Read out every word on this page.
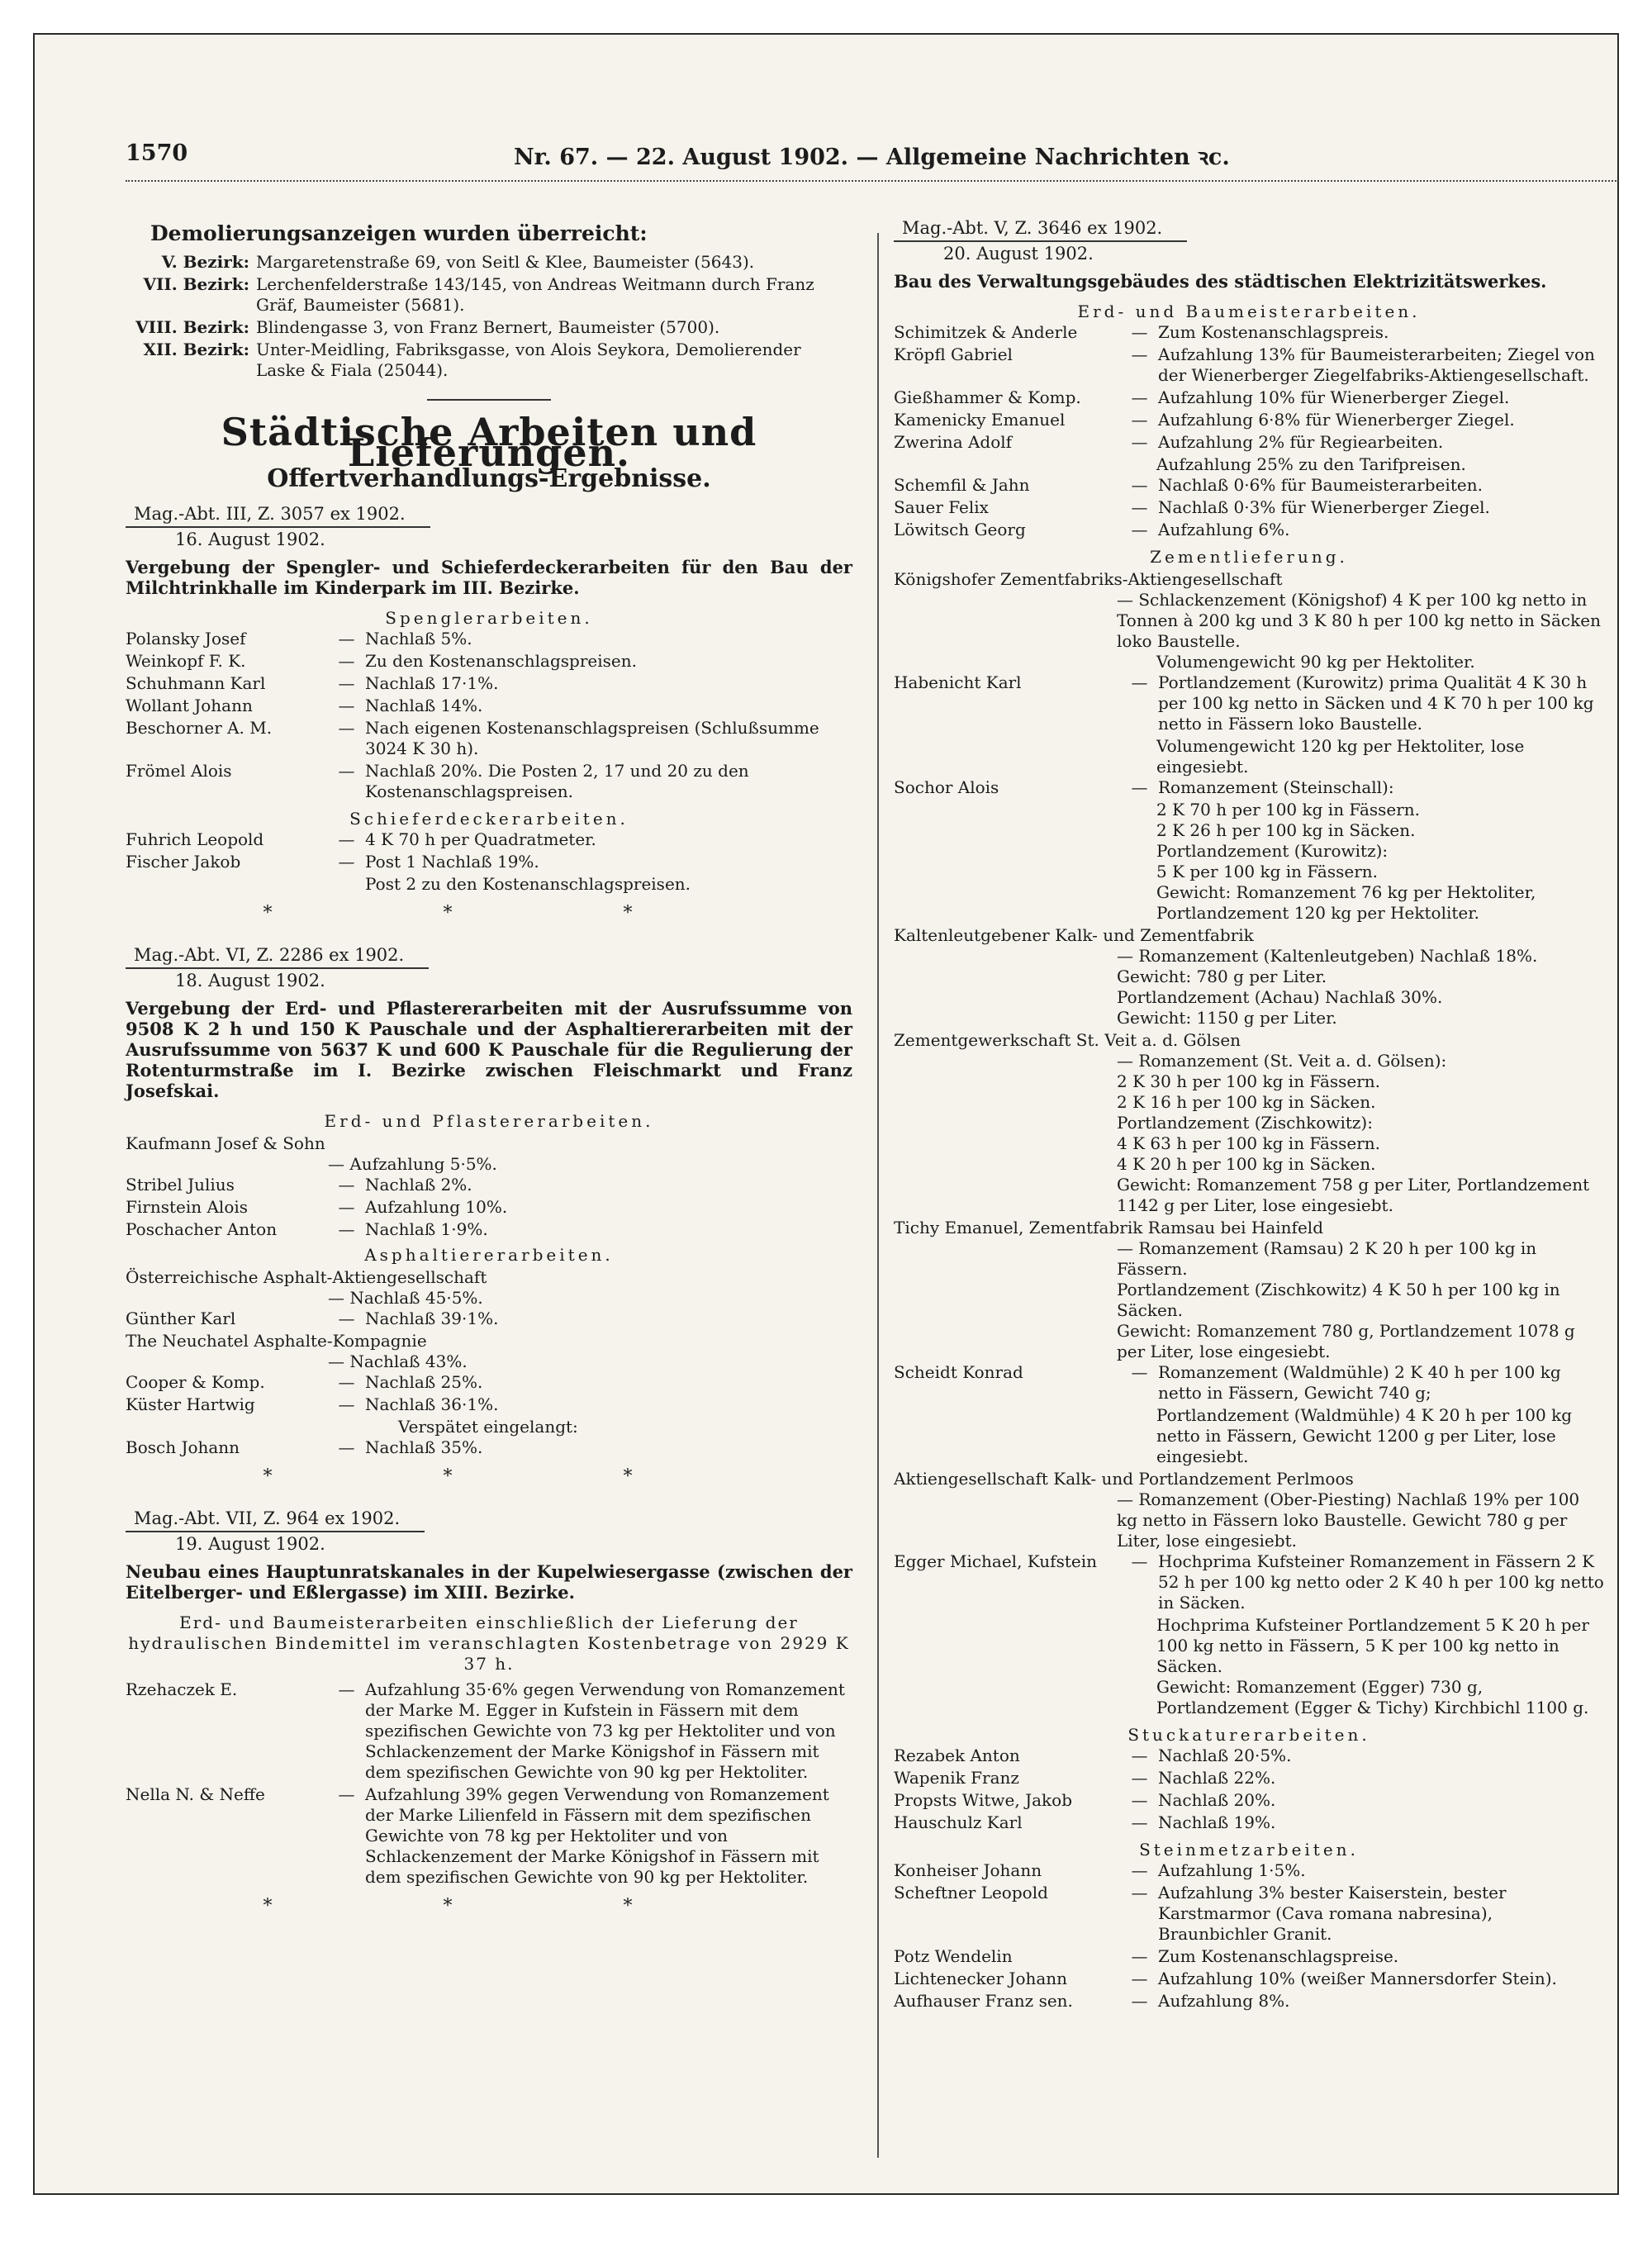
1570	Nr. 67. — 22. August 1902. — Allgemeine Nachrichten ꝛc.
Demolierungsanzeigen wurden überreicht:
V. Bezirk: Margaretenstraße 69, von Seitl & Klee, Baumeister (5643).
VII. Bezirk: Lerchenfelderstraße 143/145, von Andreas Weitmann durch Franz Gräf, Baumeister (5681).
VIII. Bezirk: Blindengasse 3, von Franz Bernert, Baumeister (5700).
XII. Bezirk: Unter-Meidling, Fabriksgasse, von Alois Seykora, Demolierender Laske & Fiala (25044).
Städtische Arbeiten und Lieferungen.
Offertverhandlungs-Ergebnisse.
Mag.-Abt. III, Z. 3057 ex 1902.
16. August 1902.
Vergebung der Spengler- und Schieferdeckerarbeiten für den Bau der Milchtrinkhalle im Kinderpark im III. Bezirke.
Spenglerarbeiten.
Polansky Josef	— Nachlaß 5%.
Weinkopf F. K.	— Zu den Kostenanschlagspreisen.
Schuhmann Karl	— Nachlaß 17·1%.
Wollant Johann	— Nachlaß 14%.
Beschorner A. M.	— Nach eigenen Kostenanschlagspreisen (Schlußsumme 3024 K 30 h).
Frömel Alois	— Nachlaß 20%. Die Posten 2, 17 und 20 zu den Kostenanschlagspreisen.
Schieferdeckerarbeiten.
Fuhrich Leopold	— 4 K 70 h per Quadratmeter.
Fischer Jakob	— Post 1 Nachlaß 19%.
Post 2 zu den Kostenanschlagspreisen.
* * *
Mag.-Abt. VI, Z. 2286 ex 1902.
18. August 1902.
Vergebung der Erd- und Pflastererarbeiten mit der Ausrufssumme von 9508 K 2 h und 150 K Pauschale und der Asphaltiererarbeiten mit der Ausrufssumme von 5637 K und 600 K Pauschale für die Regulierung der Rotenturmstraße im I. Bezirke zwischen Fleischmarkt und Franz Josefskai.
Erd- und Pflastererarbeiten.
Kaufmann Josef & Sohn
— Aufzahlung 5·5%.
Stribel Julius	— Nachlaß 2%.
Firnstein Alois	— Aufzahlung 10%.
Poschacher Anton	— Nachlaß 1·9%.
Asphaltiererarbeiten.
Österreichische Asphalt-Aktiengesellschaft
— Nachlaß 45·5%.
Günther Karl	— Nachlaß 39·1%.
The Neuchatel Asphalte-Kompagnie
— Nachlaß 43%.
Cooper & Komp.	— Nachlaß 25%.
Küster Hartwig	— Nachlaß 36·1%.
Verspätet eingelangt:
Bosch Johann	— Nachlaß 35%.
* * *
Mag.-Abt. VII, Z. 964 ex 1902.
19. August 1902.
Neubau eines Hauptunratskanales in der Kupelwiesergasse (zwischen der Eitelberger- und Eßlergasse) im XIII. Bezirke.
Erd- und Baumeisterarbeiten einschließlich der Lieferung der hydraulischen Bindemittel im veranschlagten Kostenbetrage von 2929 K 37 h.
Rzehaczek E.	— Aufzahlung 35·6% gegen Verwendung von Romanzement der Marke M. Egger in Kufstein in Fässern mit dem spezifischen Gewichte von 73 kg per Hektoliter und von Schlackenzement der Marke Königshof in Fässern mit dem spezifischen Gewichte von 90 kg per Hektoliter.
Nella N. & Neffe	— Aufzahlung 39% gegen Verwendung von Romanzement der Marke Lilienfeld in Fässern mit dem spezifischen Gewichte von 78 kg per Hektoliter und von Schlackenzement der Marke Königshof in Fässern mit dem spezifischen Gewichte von 90 kg per Hektoliter.
* * *
Mag.-Abt. V, Z. 3646 ex 1902.
20. August 1902.
Bau des Verwaltungsgebäudes des städtischen Elektrizitätswerkes.
Erd- und Baumeisterarbeiten.
Schimitzek & Anderle	— Zum Kostenanschlagspreis.
Kröpfl Gabriel	— Aufzahlung 13% für Baumeisterarbeiten; Ziegel von der Wienerberger Ziegelfabriks-Aktiengesellschaft.
Gießhammer & Komp.	— Aufzahlung 10% für Wienerberger Ziegel.
Kamenicky Emanuel	— Aufzahlung 6·8% für Wienerberger Ziegel.
Zwerina Adolf	— Aufzahlung 2% für Regiearbeiten.
Aufzahlung 25% zu den Tarifpreisen.
Schemfil & Jahn	— Nachlaß 0·6% für Baumeisterarbeiten.
Sauer Felix	— Nachlaß 0·3% für Wienerberger Ziegel.
Löwitsch Georg	— Aufzahlung 6%.
Zementlieferung.
Königshofer Zementfabriks-Aktiengesellschaft
— Schlackenzement (Königshof) 4 K per 100 kg netto in Tonnen à 200 kg und 3 K 80 h per 100 kg netto in Säcken loko Baustelle.
Volumengewicht 90 kg per Hektoliter.
Habenicht Karl	— Portlandzement (Kurowitz) prima Qualität 4 K 30 h per 100 kg netto in Säcken und 4 K 70 h per 100 kg netto in Fässern loko Baustelle.
Volumengewicht 120 kg per Hektoliter, lose eingesiebt.
Sochor Alois	— Romanzement (Steinschall):
2 K 70 h per 100 kg in Fässern.
2 K 26 h per 100 kg in Säcken.
Portlandzement (Kurowitz):
5 K per 100 kg in Fässern.
Gewicht: Romanzement 76 kg per Hektoliter, Portlandzement 120 kg per Hektoliter.
Kaltenleutgebener Kalk- und Zementfabrik
— Romanzement (Kaltenleutgeben) Nachlaß 18%.
Gewicht: 780 g per Liter.
Portlandzement (Achau) Nachlaß 30%.
Gewicht: 1150 g per Liter.
Zementgewerkschaft St. Veit a. d. Gölsen
— Romanzement (St. Veit a. d. Gölsen):
2 K 30 h per 100 kg in Fässern.
2 K 16 h per 100 kg in Säcken.
Portlandzement (Zischkowitz):
4 K 63 h per 100 kg in Fässern.
4 K 20 h per 100 kg in Säcken.
Gewicht: Romanzement 758 g per Liter, Portlandzement 1142 g per Liter, lose eingesiebt.
Tichy Emanuel, Zementfabrik Ramsau bei Hainfeld
— Romanzement (Ramsau) 2 K 20 h per 100 kg in Fässern.
Portlandzement (Zischkowitz) 4 K 50 h per 100 kg in Säcken.
Gewicht: Romanzement 780 g, Portlandzement 1078 g per Liter, lose eingesiebt.
Scheidt Konrad	— Romanzement (Waldmühle) 2 K 40 h per 100 kg netto in Fässern, Gewicht 740 g;
Portlandzement (Waldmühle) 4 K 20 h per 100 kg netto in Fässern, Gewicht 1200 g per Liter, lose eingesiebt.
Aktiengesellschaft Kalk- und Portlandzement Perlmoos
— Romanzement (Ober-Piesting) Nachlaß 19% per 100 kg netto in Fässern loko Baustelle. Gewicht 780 g per Liter, lose eingesiebt.
Egger Michael, Kufstein	— Hochprima Kufsteiner Romanzement in Fässern 2 K 52 h per 100 kg netto oder 2 K 40 h per 100 kg netto in Säcken.
Hochprima Kufsteiner Portlandzement 5 K 20 h per 100 kg netto in Fässern, 5 K per 100 kg netto in Säcken.
Gewicht: Romanzement (Egger) 730 g, Portlandzement (Egger & Tichy) Kirchbichl 1100 g.
Stuckaturerarbeiten.
Rezabek Anton	— Nachlaß 20·5%.
Wapenik Franz	— Nachlaß 22%.
Propsts Witwe, Jakob	— Nachlaß 20%.
Hauschulz Karl	— Nachlaß 19%.
Steinmetzarbeiten.
Konheiser Johann	— Aufzahlung 1·5%.
Scheftner Leopold	— Aufzahlung 3% bester Kaiserstein, bester Karstmarmor (Cava romana nabresina), Braunbichler Granit.
Potz Wendelin	— Zum Kostenanschlagspreise.
Lichtenecker Johann	— Aufzahlung 10% (weißer Mannersdorfer Stein).
Aufhauser Franz sen.	— Aufzahlung 8%.
